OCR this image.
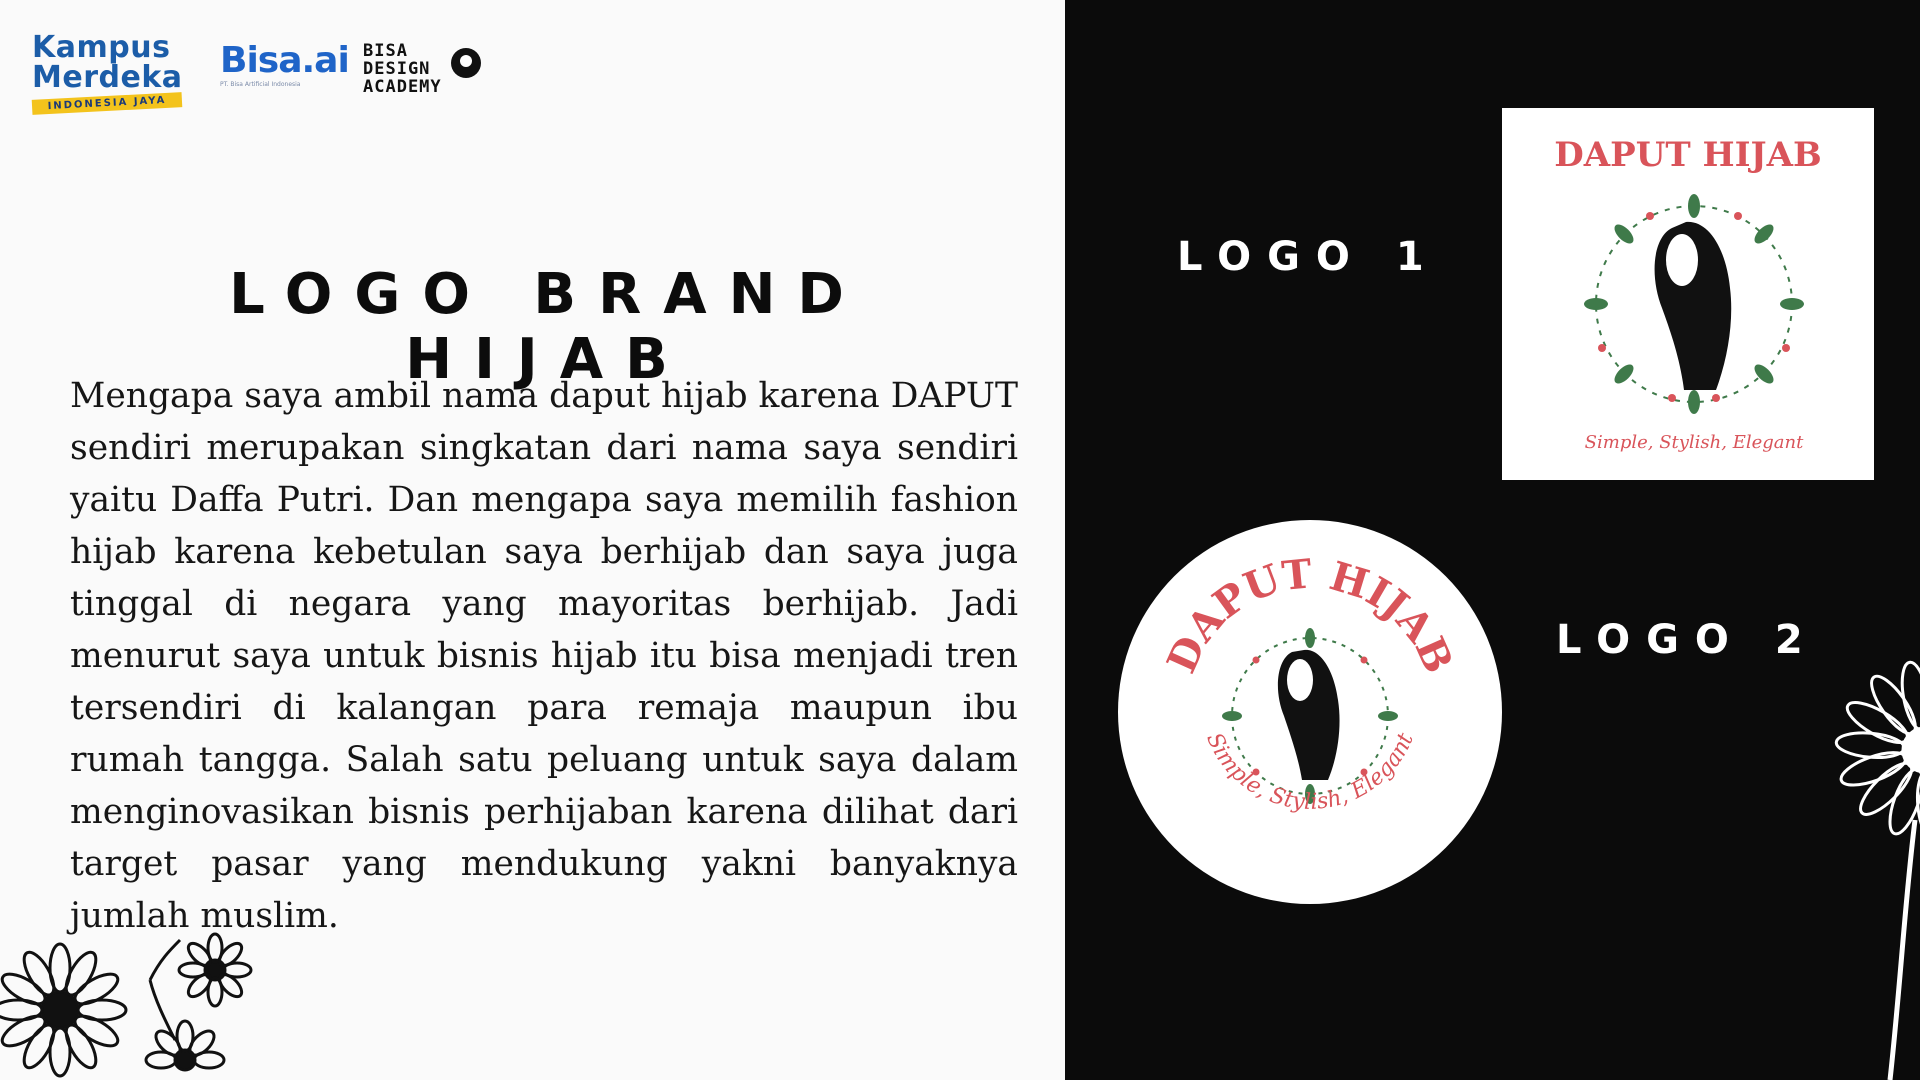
Kampus
Merdeka
INDONESIA JAYA
Bisa.ai
PT. Bisa Artificial Indonesia
BISA
DESIGN
ACADEMY
LOGO BRAND HIJAB

Mengapa saya ambil nama daput hijab karena DAPUT sendiri merupakan singkatan dari nama saya sendiri yaitu Daffa Putri. Dan mengapa saya memilih fashion hijab karena kebetulan saya berhijab dan saya juga tinggal di negara yang mayoritas berhijab. Jadi menurut saya untuk bisnis hijab itu bisa menjadi tren tersendiri di kalangan para remaja maupun ibu rumah tangga. Salah satu peluang untuk saya dalam menginovasikan bisnis perhijaban karena dilihat dari target pasar yang mendukung yakni banyaknya jumlah muslim.

LOGO 1
DAPUT HIJAB
Simple, Stylish, Elegant
DAPUT HIJAB
Simple, Stylish, Elegant
LOGO 2
